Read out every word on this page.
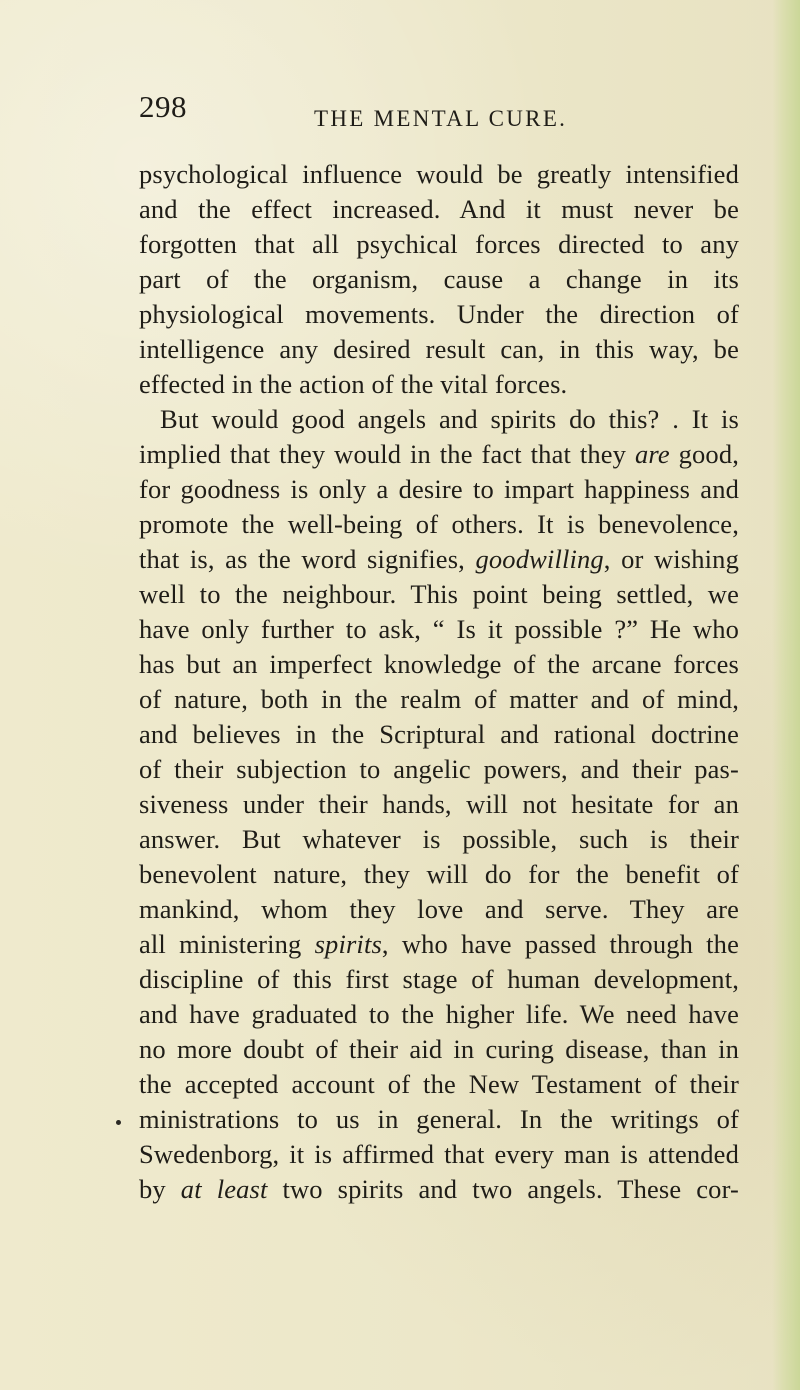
298	THE MENTAL CURE.
psychological influence would be greatly intensified
and the effect increased. And it must never be
forgotten that all psychical forces directed to any
part of the organism, cause a change in its
physiological movements. Under the direction of
intelligence any desired result can, in this way, be
effected in the action of the vital forces.
But would good angels and spirits do this? . It is
implied that they would in the fact that they are good,
for goodness is only a desire to impart happiness and
promote the well-being of others. It is benevolence,
that is, as the word signifies, goodwilling, or wishing
well to the neighbour. This point being settled, we
have only further to ask, “ Is it possible ?” He who
has but an imperfect knowledge of the arcane forces
of nature, both in the realm of matter and of mind,
and believes in the Scriptural and rational doctrine
of their subjection to angelic powers, and their pas-
siveness under their hands, will not hesitate for an
answer. But whatever is possible, such is their
benevolent nature, they will do for the benefit of
mankind, whom they love and serve. They are
all ministering spirits, who have passed through the
discipline of this first stage of human development,
and have graduated to the higher life. We need have
no more doubt of their aid in curing disease, than in
the accepted account of the New Testament of their
ministrations to us in general. In the writings of
Swedenborg, it is affirmed that every man is attended
by at least two spirits and two angels. These cor-
